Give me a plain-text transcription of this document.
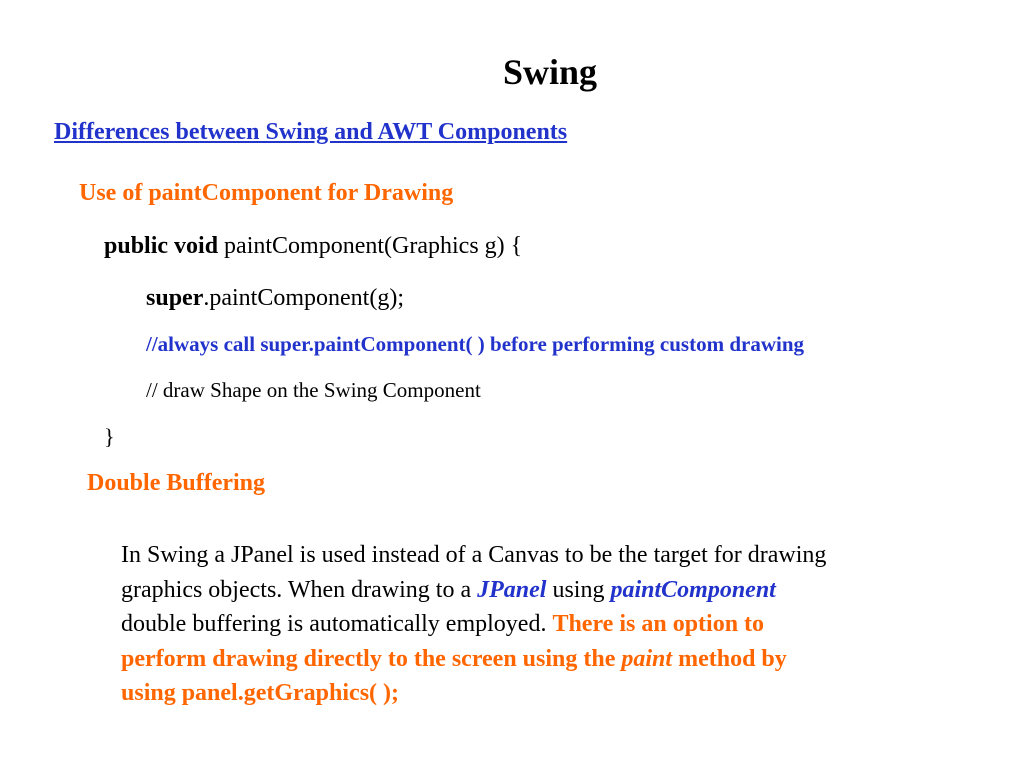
Swing
Differences between Swing and AWT Components
Use of paintComponent for Drawing
public void paintComponent(Graphics g) {
super.paintComponent(g);
//always call super.paintComponent( ) before performing custom drawing
// draw Shape on the Swing Component
}
Double Buffering
In Swing a JPanel is used instead of a Canvas to be the target for drawing
graphics objects. When drawing to a JPanel using paintComponent
double buffering is automatically employed. There is an option to
perform drawing directly to the screen using the paint method by
using panel.getGraphics( );
